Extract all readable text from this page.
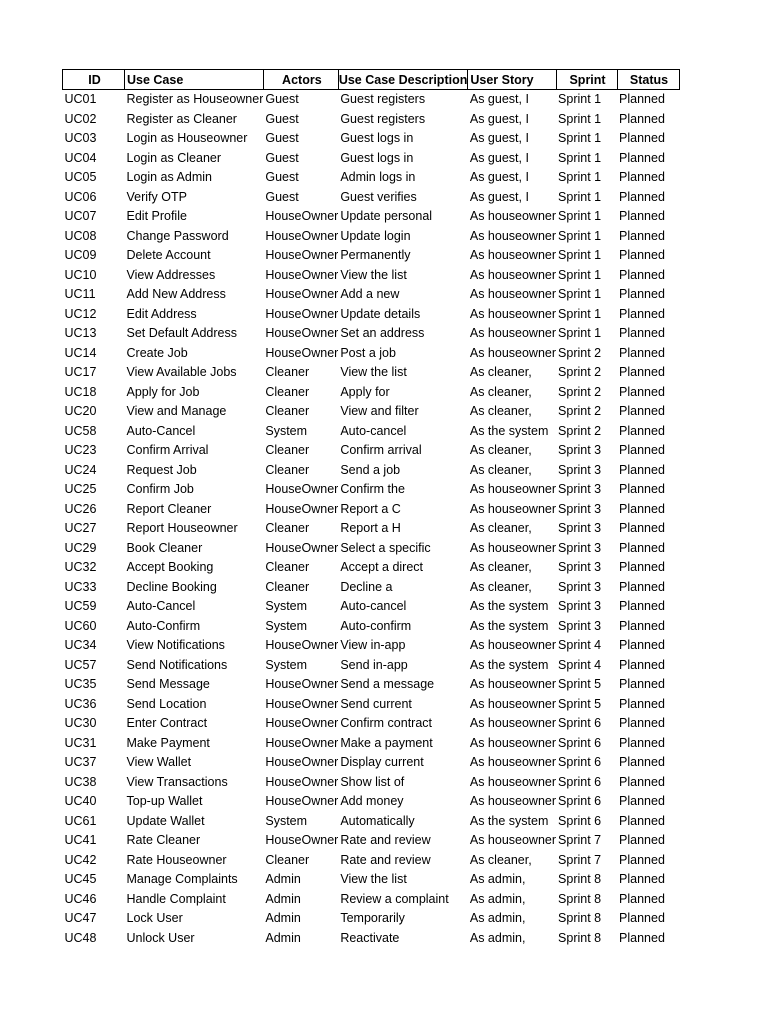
ID	Use Case	Actors	Use Case Description	User Story	Sprint	Status
UC01	Register as Houseowner	Guest	Guest registers	As guest, I	Sprint 1	Planned
UC02	Register as Cleaner	Guest	Guest registers	As guest, I	Sprint 1	Planned
UC03	Login as Houseowner	Guest	Guest logs in	As guest, I	Sprint 1	Planned
UC04	Login as Cleaner	Guest	Guest logs in	As guest, I	Sprint 1	Planned
UC05	Login as Admin	Guest	Admin logs in	As guest, I	Sprint 1	Planned
UC06	Verify OTP	Guest	Guest verifies	As guest, I	Sprint 1	Planned
UC07	Edit Profile	HouseOwner	Update personal	As houseowner	Sprint 1	Planned
UC08	Change Password	HouseOwner	Update login	As houseowner	Sprint 1	Planned
UC09	Delete Account	HouseOwner	Permanently	As houseowner	Sprint 1	Planned
UC10	View Addresses	HouseOwner	View the list	As houseowner	Sprint 1	Planned
UC11	Add New Address	HouseOwner	Add a new	As houseowner	Sprint 1	Planned
UC12	Edit Address	HouseOwner	Update details	As houseowner	Sprint 1	Planned
UC13	Set Default Address	HouseOwner	Set an address	As houseowner	Sprint 1	Planned
UC14	Create Job	HouseOwner	Post a job	As houseowner	Sprint 2	Planned
UC17	View Available Jobs	Cleaner	View the list	As cleaner,	Sprint 2	Planned
UC18	Apply for Job	Cleaner	Apply for	As cleaner,	Sprint 2	Planned
UC20	View and Manage	Cleaner	View and filter	As cleaner,	Sprint 2	Planned
UC58	Auto-Cancel	System	Auto-cancel	As the system	Sprint 2	Planned
UC23	Confirm Arrival	Cleaner	Confirm arrival	As cleaner,	Sprint 3	Planned
UC24	Request Job	Cleaner	Send a job	As cleaner,	Sprint 3	Planned
UC25	Confirm Job	HouseOwner	Confirm the	As houseowner	Sprint 3	Planned
UC26	Report Cleaner	HouseOwner	Report a C	As houseowner	Sprint 3	Planned
UC27	Report Houseowner	Cleaner	Report a H	As cleaner,	Sprint 3	Planned
UC29	Book Cleaner	HouseOwner	Select a specific	As houseowner	Sprint 3	Planned
UC32	Accept Booking	Cleaner	Accept a direct	As cleaner,	Sprint 3	Planned
UC33	Decline Booking	Cleaner	Decline a	As cleaner,	Sprint 3	Planned
UC59	Auto-Cancel	System	Auto-cancel	As the system	Sprint 3	Planned
UC60	Auto-Confirm	System	Auto-confirm	As the system	Sprint 3	Planned
UC34	View Notifications	HouseOwner	View in-app	As houseowner	Sprint 4	Planned
UC57	Send Notifications	System	Send in-app	As the system	Sprint 4	Planned
UC35	Send Message	HouseOwner	Send a message	As houseowner	Sprint 5	Planned
UC36	Send Location	HouseOwner	Send current	As houseowner	Sprint 5	Planned
UC30	Enter Contract	HouseOwner	Confirm contract	As houseowner	Sprint 6	Planned
UC31	Make Payment	HouseOwner	Make a payment	As houseowner	Sprint 6	Planned
UC37	View Wallet	HouseOwner	Display current	As houseowner	Sprint 6	Planned
UC38	View Transactions	HouseOwner	Show list of	As houseowner	Sprint 6	Planned
UC40	Top-up Wallet	HouseOwner	Add money	As houseowner	Sprint 6	Planned
UC61	Update Wallet	System	Automatically	As the system	Sprint 6	Planned
UC41	Rate Cleaner	HouseOwner	Rate and review	As houseowner	Sprint 7	Planned
UC42	Rate Houseowner	Cleaner	Rate and review	As cleaner,	Sprint 7	Planned
UC45	Manage Complaints	Admin	View the list	As admin,	Sprint 8	Planned
UC46	Handle Complaint	Admin	Review a complaint	As admin,	Sprint 8	Planned
UC47	Lock User	Admin	Temporarily	As admin,	Sprint 8	Planned
UC48	Unlock User	Admin	Reactivate	As admin,	Sprint 8	Planned
